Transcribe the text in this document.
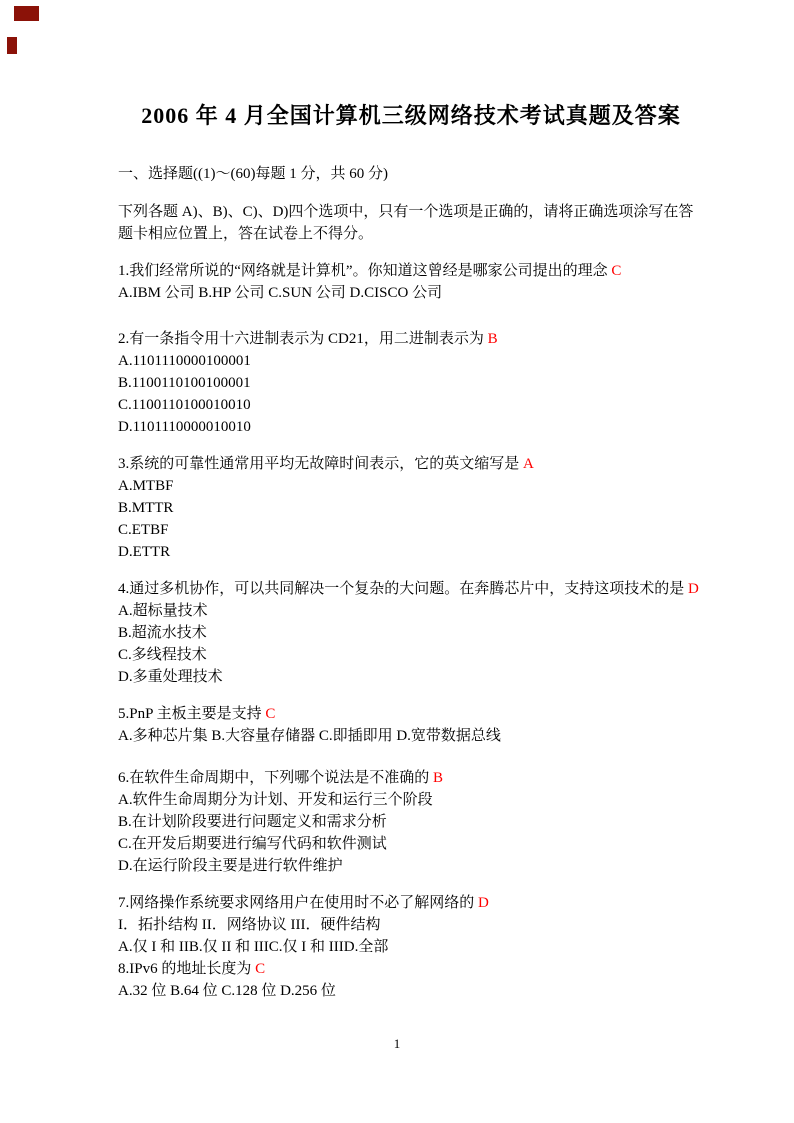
2006 年 4 月全国计算机三级网络技术考试真题及答案
一、选择题((1)～(60)每题 1 分，共 60 分)
下列各题 A)、B)、C)、D)四个选项中，只有一个选项是正确的，请将正确选项涂写在答题卡相应位置上，答在试卷上不得分。
1.我们经常所说的“网络就是计算机”。你知道这曾经是哪家公司提出的理念 C
A.IBM 公司 B.HP 公司 C.SUN 公司 D.CISCO 公司
2.有一条指令用十六进制表示为 CD21，用二进制表示为 B
A.1101110000100001
B.1100110100100001
C.1100110100010010
D.1101110000010010
3.系统的可靠性通常用平均无故障时间表示，它的英文缩写是 A
A.MTBF
B.MTTR
C.ETBF
D.ETTR
4.通过多机协作，可以共同解决一个复杂的大问题。在奔腾芯片中，支持这项技术的是 D
A.超标量技术
B.超流水技术
C.多线程技术
D.多重处理技术
5.PnP 主板主要是支持 C
A.多种芯片集 B.大容量存储器 C.即插即用 D.宽带数据总线
6.在软件生命周期中，下列哪个说法是不准确的 B
A.软件生命周期分为计划、开发和运行三个阶段
B.在计划阶段要进行问题定义和需求分析
C.在开发后期要进行编写代码和软件测试
D.在运行阶段主要是进行软件维护
7.网络操作系统要求网络用户在使用时不必了解网络的 D
I．拓扑结构 II．网络协议 III．硬件结构
A.仅 I 和 IIB.仅 II 和 IIIC.仅 I 和 IIID.全部
8.IPv6 的地址长度为 C
A.32 位 B.64 位 C.128 位 D.256 位
1
